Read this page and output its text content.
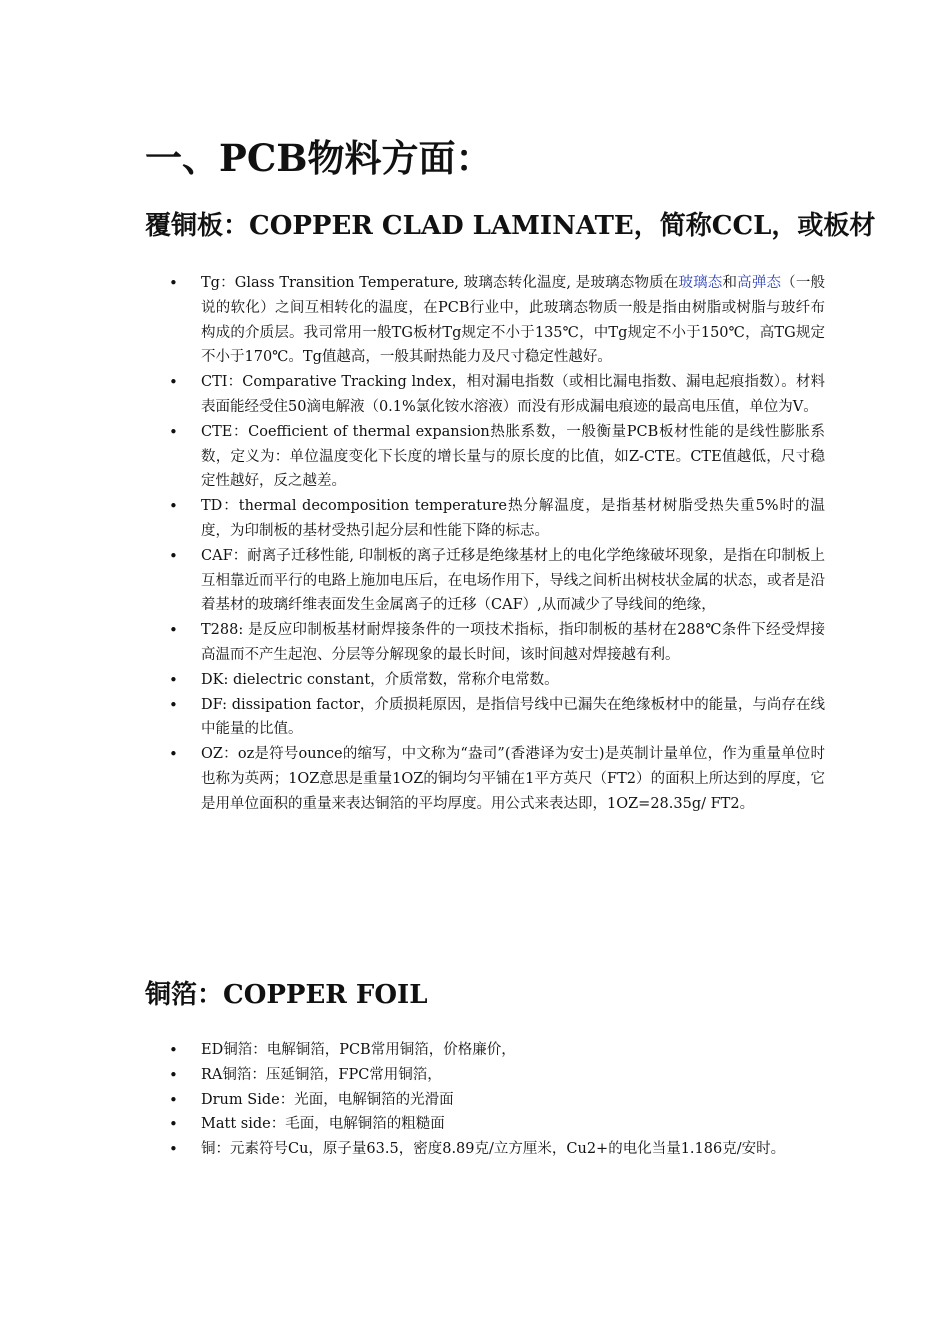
一、PCB物料方面：
覆铜板：COPPER CLAD LAMINATE，简称CCL，或板材
• Tg：Glass Transition Temperature, 玻璃态转化温度, 是玻璃态物质在玻璃态和高弹态（一般说的软化）之间互相转化的温度，在PCB行业中，此玻璃态物质一般是指由树脂或树脂与玻纤布构成的介质层。我司常用一般TG板材Tg规定不小于135℃，中Tg规定不小于150℃，高TG规定不小于170℃。Tg值越高，一般其耐热能力及尺寸稳定性越好。
• CTI：Comparative Tracking lndex，相对漏电指数（或相比漏电指数、漏电起痕指数）。材料表面能经受住50滴电解液（0.1%氯化铵水溶液）而没有形成漏电痕迹的最高电压值，单位为V。
• CTE：Coefficient of thermal expansion热胀系数，一般衡量PCB板材性能的是线性膨胀系数，定义为：单位温度变化下长度的增长量与的原长度的比值，如Z-CTE。CTE值越低，尺寸稳定性越好，反之越差。
• TD：thermal decomposition temperature热分解温度，是指基材树脂受热失重5%时的温度，为印制板的基材受热引起分层和性能下降的标志。
• CAF：耐离子迁移性能, 印制板的离子迁移是绝缘基材上的电化学绝缘破坏现象，是指在印制板上互相靠近而平行的电路上施加电压后，在电场作用下，导线之间析出树枝状金属的状态，或者是沿着基材的玻璃纤维表面发生金属离子的迁移（CAF）,从而减少了导线间的绝缘，
• T288: 是反应印制板基材耐焊接条件的一项技术指标，指印制板的基材在288℃条件下经受焊接高温而不产生起泡、分层等分解现象的最长时间，该时间越对焊接越有利。
• DK: dielectric constant，介质常数，常称介电常数。
• DF: dissipation factor，介质损耗原因，是指信号线中已漏失在绝缘板材中的能量，与尚存在线中能量的比值。
• OZ：oz是符号ounce的缩写，中文称为“盎司”(香港译为安士)是英制计量单位，作为重量单位时也称为英两；1OZ意思是重量1OZ的铜均匀平铺在1平方英尺（FT2）的面积上所达到的厚度，它是用单位面积的重量来表达铜箔的平均厚度。用公式来表达即，1OZ=28.35g/ FT2。
铜箔：COPPER FOIL
• ED铜箔：电解铜箔，PCB常用铜箔，价格廉价，
• RA铜箔：压延铜箔，FPC常用铜箔，
• Drum Side：光面，电解铜箔的光滑面
• Matt side：毛面，电解铜箔的粗糙面
• 铜：元素符号Cu，原子量63.5，密度8.89克/立方厘米，Cu2+的电化当量1.186克/安时。
